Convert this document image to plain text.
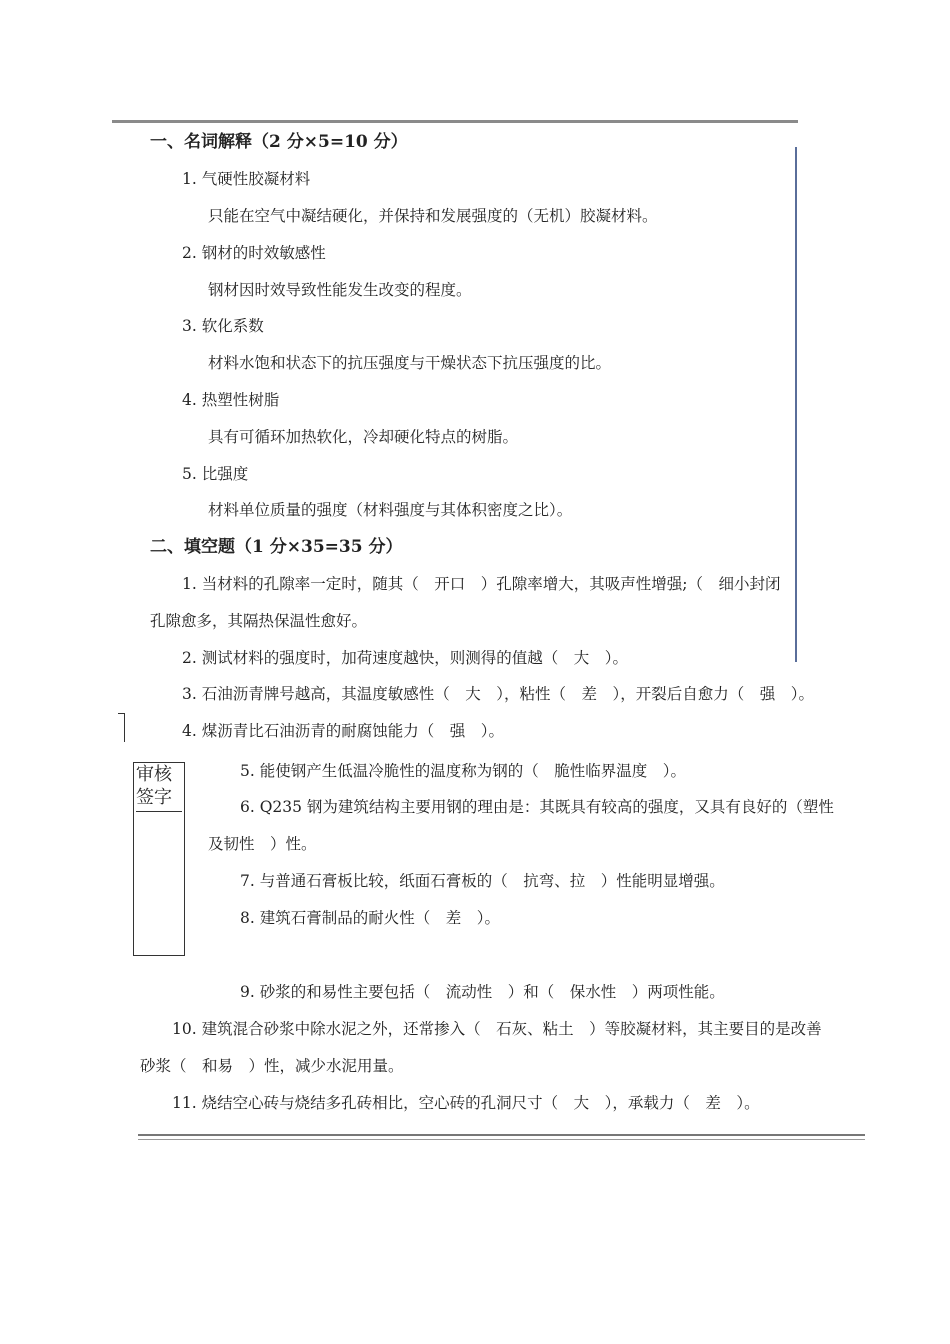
一、名词解释（2 分×5=10 分）
1. 气硬性胶凝材料
只能在空气中凝结硬化，并保持和发展强度的（无机）胶凝材料。
2. 钢材的时效敏感性
钢材因时效导致性能发生改变的程度。
3. 软化系数
材料水饱和状态下的抗压强度与干燥状态下抗压强度的比。
4. 热塑性树脂
具有可循环加热软化，冷却硬化特点的树脂。
5. 比强度
材料单位质量的强度（材料强度与其体积密度之比）。
二、填空题（1 分×35=35 分）
1. 当材料的孔隙率一定时，随其（　开口　）孔隙率增大，其吸声性增强;（　细小封闭
孔隙愈多，其隔热保温性愈好。
2. 测试材料的强度时，加荷速度越快，则测得的值越（　大　）。
3. 石油沥青牌号越高，其温度敏感性（　大　），粘性（　差　），开裂后自愈力（　强　）。
4. 煤沥青比石油沥青的耐腐蚀能力（　强　）。
审核
签字
5. 能使钢产生低温冷脆性的温度称为钢的（　脆性临界温度　）。
6. Q235 钢为建筑结构主要用钢的理由是：其既具有较高的强度，又具有良好的（塑性
及韧性　）性。
7. 与普通石膏板比较，纸面石膏板的（　抗弯、拉　）性能明显增强。
8. 建筑石膏制品的耐火性（　差　）。
9. 砂浆的和易性主要包括（　流动性　）和（　保水性　）两项性能。
10. 建筑混合砂浆中除水泥之外，还常掺入（　石灰、粘土　）等胶凝材料，其主要目的是改善
砂浆（　和易　）性，减少水泥用量。
11. 烧结空心砖与烧结多孔砖相比，空心砖的孔洞尺寸（　大　），承载力（　差　）。
